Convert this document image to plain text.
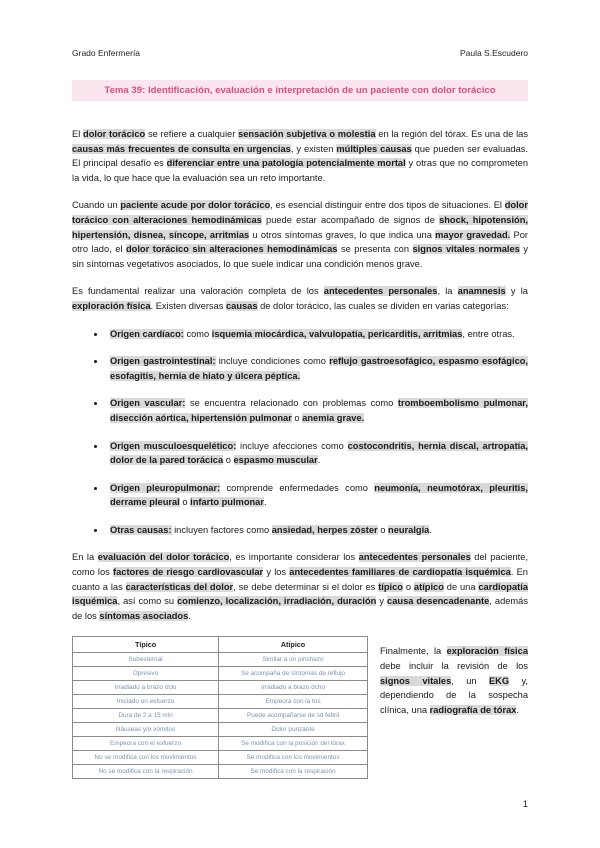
Grado Enfermería	Paula S.Escudero
Tema 39: Identificación, evaluación e interpretación de un paciente con dolor torácico

El dolor torácico se refiere a cualquier sensación subjetiva o molestia en la región del tórax. Es una de las causas más frecuentes de consulta en urgencias, y existen múltiples causas que pueden ser evaluadas. El principal desafío es diferenciar entre una patología potencialmente mortal y otras que no comprometen la vida, lo que hace que la evaluación sea un reto importante.

Cuando un paciente acude por dolor torácico, es esencial distinguir entre dos tipos de situaciones. El dolor torácico con alteraciones hemodinámicas puede estar acompañado de signos de shock, hipotensión, hipertensión, disnea, síncope, arritmias u otros síntomas graves, lo que indica una mayor gravedad. Por otro lado, el dolor torácico sin alteraciones hemodinámicas se presenta con signos vitales normales y sin síntomas vegetativos asociados, lo que suele indicar una condición menos grave.

Es fundamental realizar una valoración completa de los antecedentes personales, la anamnesis y la exploración física. Existen diversas causas de dolor torácico, las cuales se dividen en varias categorías:

• Origen cardíaco: como isquemia miocárdica, valvulopatía, pericarditis, arritmias, entre otras.
• Origen gastrointestinal: incluye condiciones como reflujo gastroesofágico, espasmo esofágico, esofagitis, hernia de hiato y úlcera péptica.
• Origen vascular: se encuentra relacionado con problemas como tromboembolismo pulmonar, disección aórtica, hipertensión pulmonar o anemia grave.
• Origen musculoesquelético: incluye afecciones como costocondritis, hernia discal, artropatía, dolor de la pared torácica o espasmo muscular.
• Origen pleuropulmonar: comprende enfermedades como neumonía, neumotórax, pleuritis, derrame pleural o infarto pulmonar.
• Otras causas: incluyen factores como ansiedad, herpes zóster o neuralgia.

En la evaluación del dolor torácico, es importante considerar los antecedentes personales del paciente, como los factores de riesgo cardiovascular y los antecedentes familiares de cardiopatía isquémica. En cuanto a las características del dolor, se debe determinar si el dolor es típico o atípico de una cardiopatía isquémica, así como su comienzo, localización, irradiación, duración y causa desencadenante, además de los síntomas asociados.

Típico	Atípico
Subesternal	Similar a un pinchazo
Opresivo	Se acompaña de síntomas de reflujo
Irradiado a brazo izdo	Irradiado a brazo dcho
Iniciado en esfuerzo	Empeora con la tos
Dura de 2 a 15 min	Puede acompañarse de sd febril
Náuseas y/o vómitos	Dolor punzante
Empeora con el esfuerzo	Se modifica con la posición del tórax
No se modifica con los movimientos	Se modifica con los movimientos
No se modifica con la respiración	Se modifica con la respiración

Finalmente, la exploración física debe incluir la revisión de los signos vitales, un EKG y, dependiendo de la sospecha clínica, una radiografía de tórax.

1
